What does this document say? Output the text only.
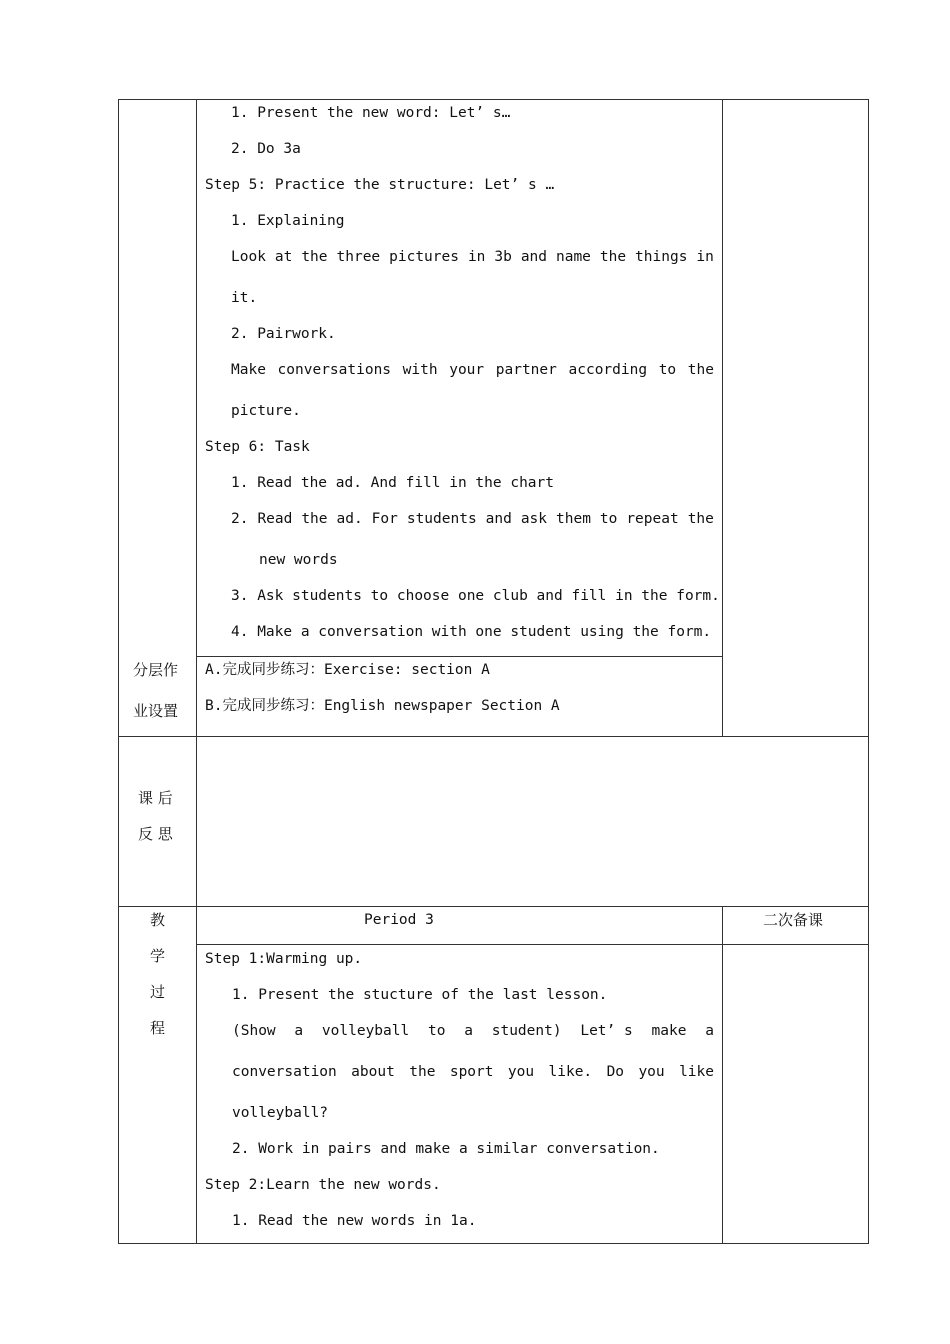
1. Present the new word: Let’ s…
2. Do 3a
Step 5: Practice the structure: Let’ s …
1. Explaining
Look at the three pictures in 3b and name the things in
it.
2. Pairwork.
Make conversations with your partner according to the
picture.
Step 6: Task
1. Read the ad. And fill in the chart
2. Read the ad. For students and ask them to repeat the
new words
3. Ask students to choose one club and fill in the form.
4. Make a conversation with one student using the form.
分层作
业设置
A.完成同步练习：Exercise: section A
B.完成同步练习：English newspaper Section A
课 后
反 思
教
学
过
程
Period 3	二次备课
Step 1:Warming up.
1. Present the stucture of the last lesson.
(Show a volleyball to a student) Let’ s make a
conversation about the sport you like. Do you like
volleyball?
2. Work in pairs and make a similar conversation.
Step 2:Learn the new words.
1. Read the new words in 1a.
